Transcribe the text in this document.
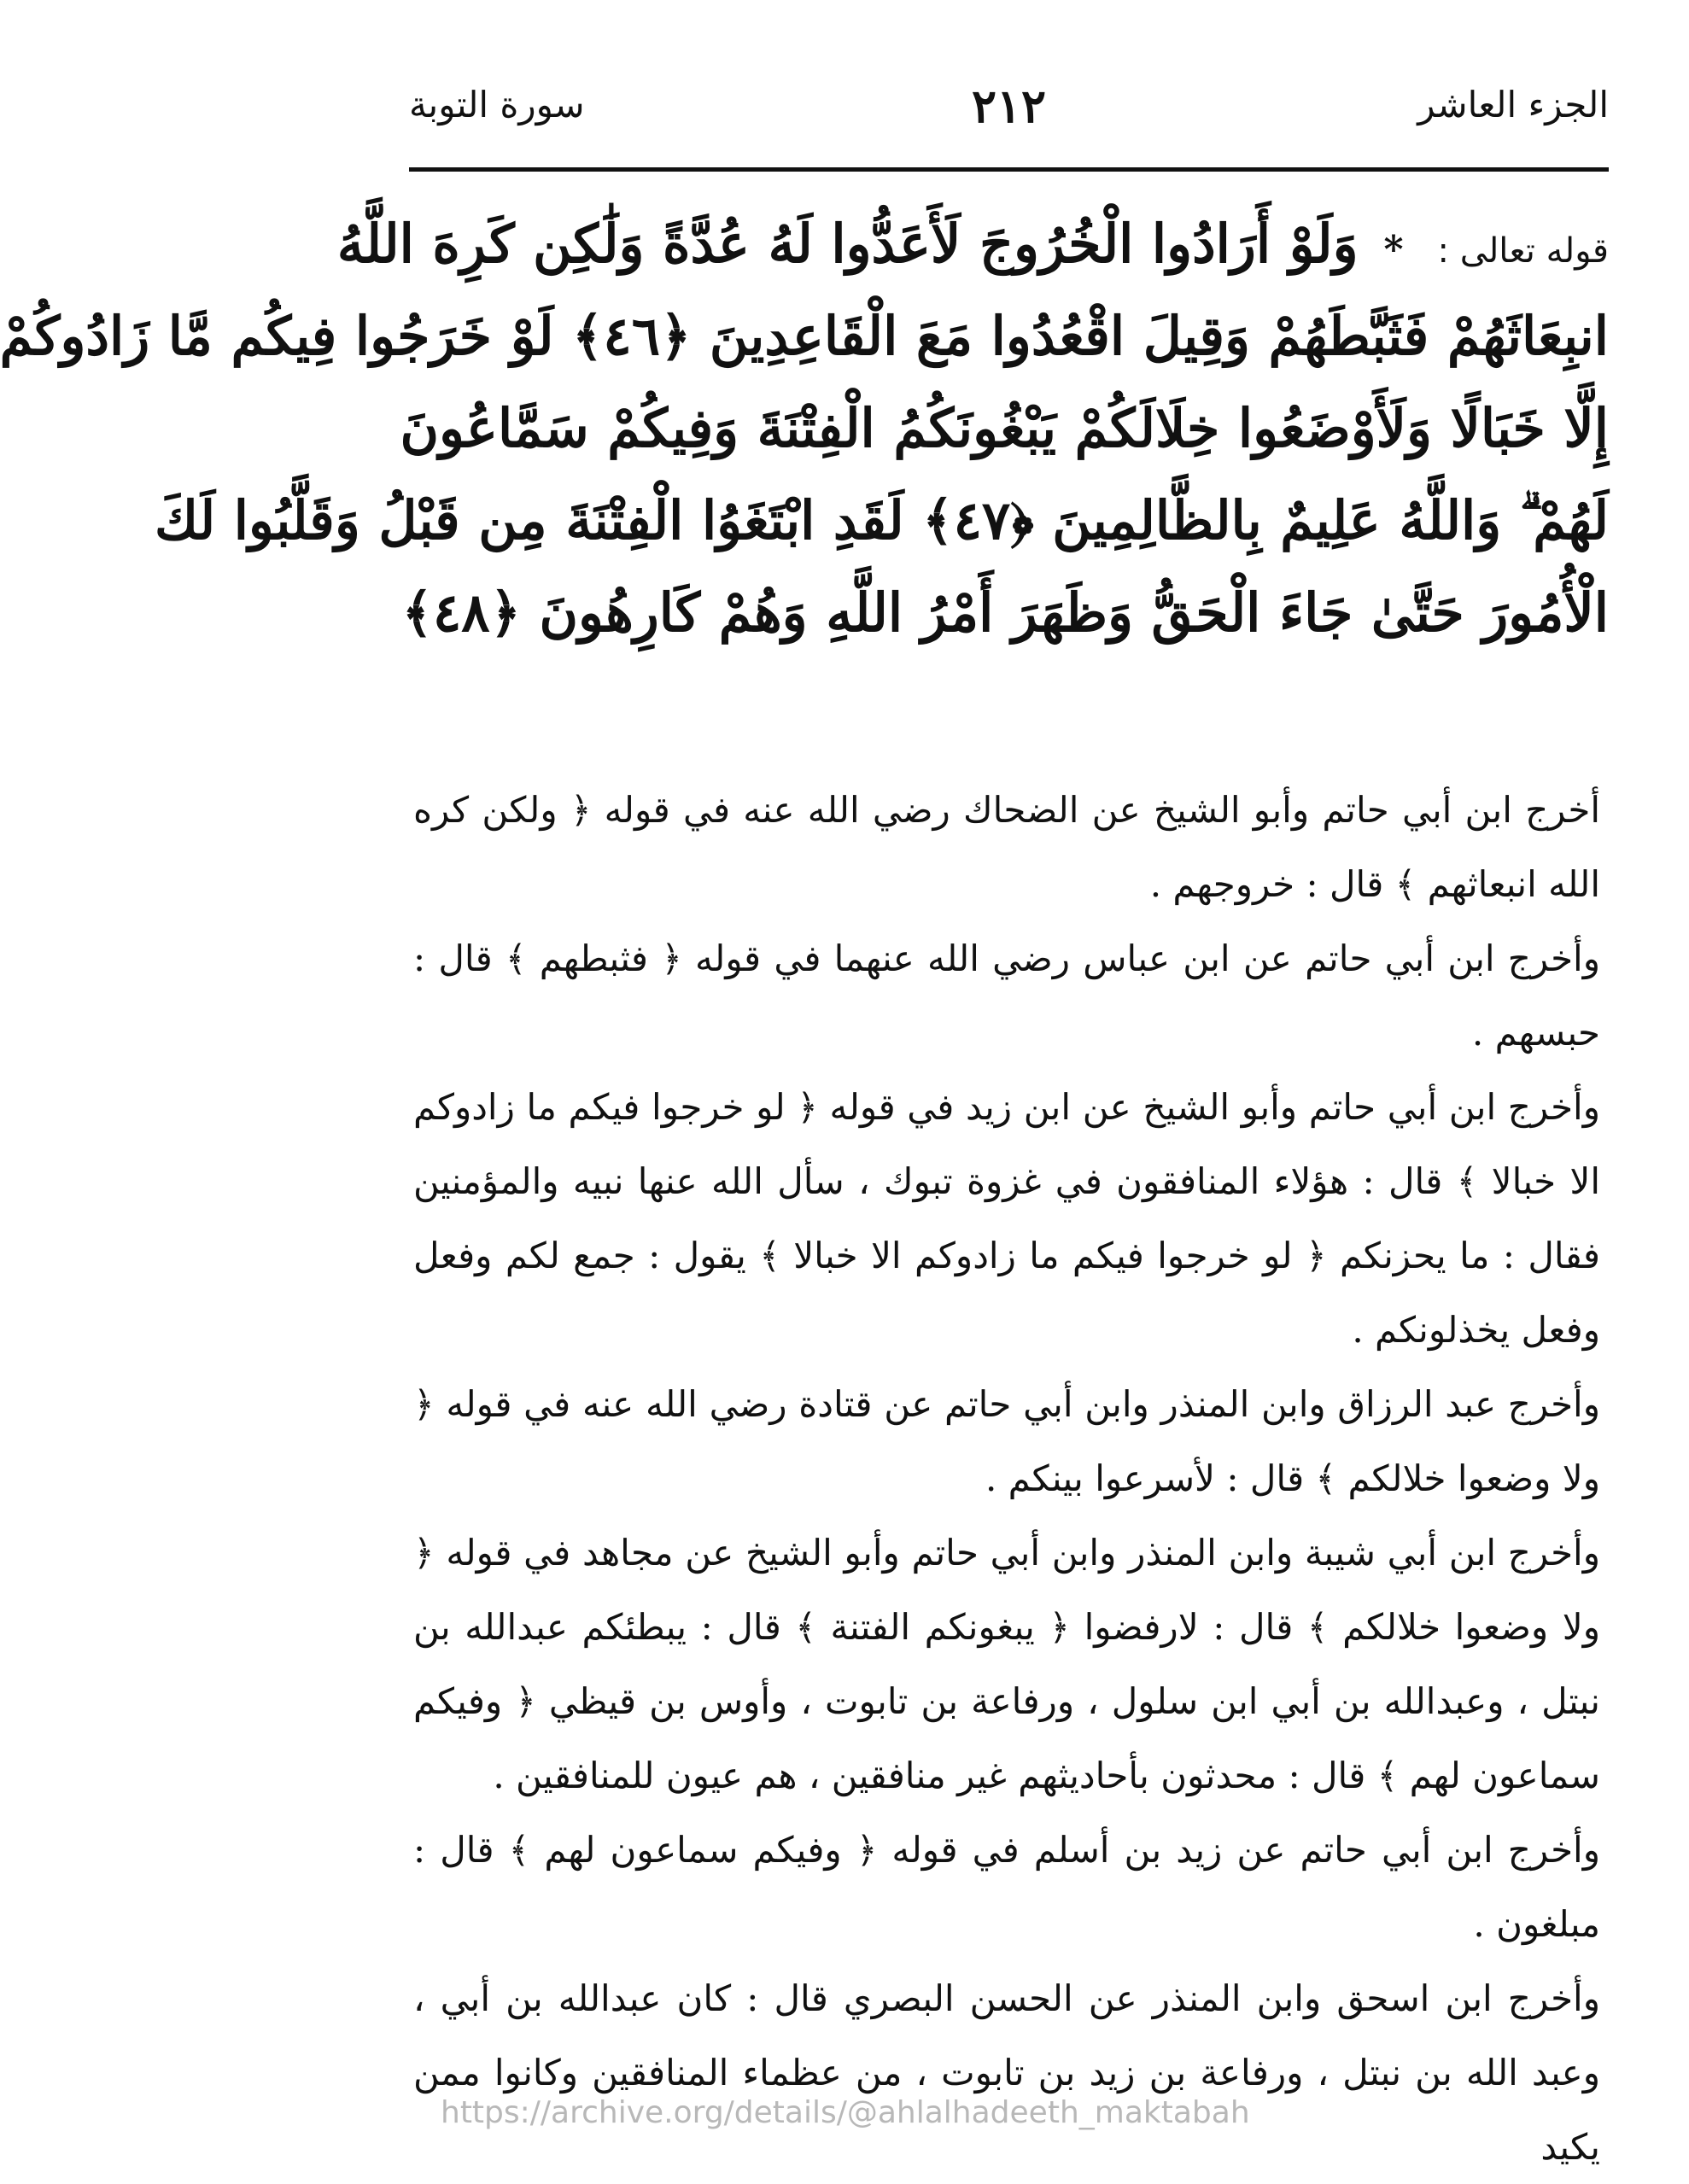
الجزء العاشر
٢١٢
سورة التوبة
قوله تعالى :*وَلَوْ أَرَادُوا الْخُرُوجَ لَأَعَدُّوا لَهُ عُدَّةً وَلَٰكِن كَرِهَ اللَّهُ
انبِعَاثَهُمْ فَثَبَّطَهُمْ وَقِيلَ اقْعُدُوا مَعَ الْقَاعِدِينَ ﴿٤٦﴾ لَوْ خَرَجُوا فِيكُم مَّا زَادُوكُمْ
إِلَّا خَبَالًا وَلَأَوْضَعُوا خِلَالَكُمْ يَبْغُونَكُمُ الْفِتْنَةَ وَفِيكُمْ سَمَّاعُونَ
لَهُمْ ۗ وَاللَّهُ عَلِيمٌ بِالظَّالِمِينَ ﴿٤٧﴾ لَقَدِ ابْتَغَوُا الْفِتْنَةَ مِن قَبْلُ وَقَلَّبُوا لَكَ
الْأُمُورَ حَتَّىٰ جَاءَ الْحَقُّ وَظَهَرَ أَمْرُ اللَّهِ وَهُمْ كَارِهُونَ ﴿٤٨﴾

أخرج ابن أبي حاتم وأبو الشيخ عن الضحاك رضي الله عنه في قوله ﴿ ولكن كره الله انبعاثهم ﴾ قال : خروجهم .

وأخرج ابن أبي حاتم عن ابن عباس رضي الله عنهما في قوله ﴿ فثبطهم ﴾ قال : حبسهم .

وأخرج ابن أبي حاتم وأبو الشيخ عن ابن زيد في قوله ﴿ لو خرجوا فيكم ما زادوكم الا خبالا ﴾ قال : هؤلاء المنافقون في غزوة تبوك ، سأل الله عنها نبيه والمؤمنين فقال : ما يحزنكم ﴿ لو خرجوا فيكم ما زادوكم الا خبالا ﴾ يقول : جمع لكم وفعل وفعل يخذلونكم .

وأخرج عبد الرزاق وابن المنذر وابن أبي حاتم عن قتادة رضي الله عنه في قوله ﴿ ولا وضعوا خلالكم ﴾ قال : لأسرعوا بينكم .

وأخرج ابن أبي شيبة وابن المنذر وابن أبي حاتم وأبو الشيخ عن مجاهد في قوله ﴿ ولا وضعوا خلالكم ﴾ قال : لارفضوا ﴿ يبغونكم الفتنة ﴾ قال : يبطئكم عبدالله بن نبتل ، وعبدالله بن أبي ابن سلول ، ورفاعة بن تابوت ، وأوس بن قيظي ﴿ وفيكم سماعون لهم ﴾ قال : محدثون بأحاديثهم غير منافقين ، هم عيون للمنافقين .

وأخرج ابن أبي حاتم عن زيد بن أسلم في قوله ﴿ وفيكم سماعون لهم ﴾ قال : مبلغون .

وأخرج ابن اسحق وابن المنذر عن الحسن البصري قال : كان عبدالله بن أبي ، وعبد الله بن نبتل ، ورفاعة بن زيد بن تابوت ، من عظماء المنافقين وكانوا ممن يكيد

https://archive.org/details/@ahlalhadeeth_maktabah
